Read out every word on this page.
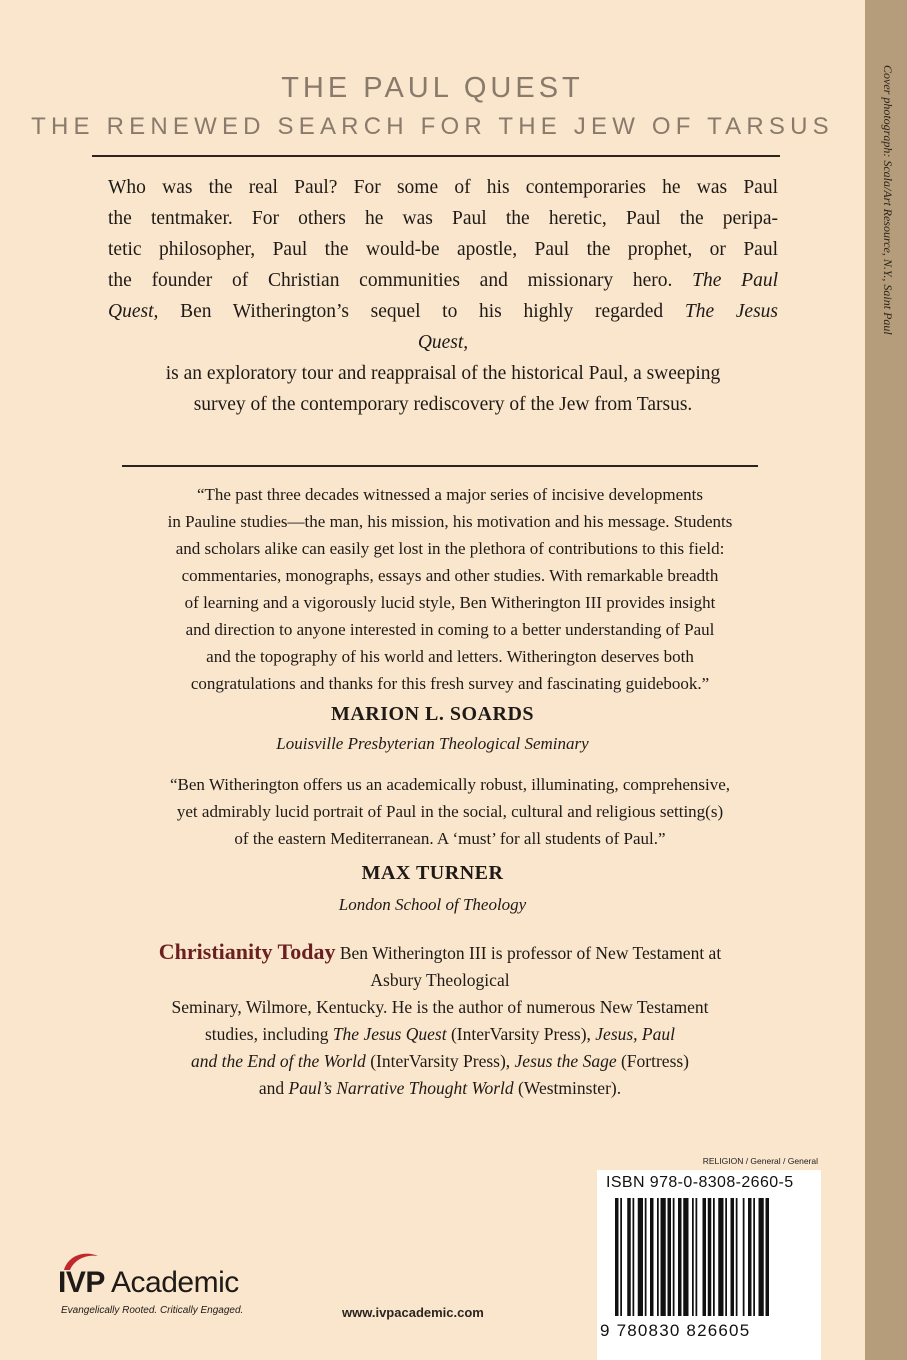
Cover photograph: Scala/Art Resource, N.Y., Saint Paul
THE PAUL QUEST
THE RENEWED SEARCH FOR THE JEW OF TARSUS
Who was the real Paul? For some of his contemporaries he was Paul
the tentmaker. For others he was Paul the heretic, Paul the peripa-
tetic philosopher, Paul the would-be apostle, Paul the prophet, or Paul
the founder of Christian communities and missionary hero. The Paul
Quest, Ben Witherington’s sequel to his highly regarded The Jesus
Quest,
is an exploratory tour and reappraisal of the historical Paul, a sweeping
survey of the contemporary rediscovery of the Jew from Tarsus.
“The past three decades witnessed a major series of incisive developments
in Pauline studies—the man, his mission, his motivation and his message. Students
and scholars alike can easily get lost in the plethora of contributions to this field:
commentaries, monographs, essays and other studies. With remarkable breadth
of learning and a vigorously lucid style, Ben Witherington III provides insight
and direction to anyone interested in coming to a better understanding of Paul
and the topography of his world and letters. Witherington deserves both
congratulations and thanks for this fresh survey and fascinating guidebook.”
MARION L. SOARDS
Louisville Presbyterian Theological Seminary
“Ben Witherington offers us an academically robust, illuminating, comprehensive,
yet admirably lucid portrait of Paul in the social, cultural and religious setting(s)
of the eastern Mediterranean. A ‘must’ for all students of Paul.”
MAX TURNER
London School of Theology
Christianity Today Ben Witherington III is professor of New Testament at
Asbury Theological
Seminary, Wilmore, Kentucky. He is the author of numerous New Testament
studies, including The Jesus Quest (InterVarsity Press), Jesus, Paul
and the End of the World (InterVarsity Press), Jesus the Sage (Fortress)
and Paul’s Narrative Thought World (Westminster).
RELIGION / General / General
ISBN 978-0-8308-2660-5
9 780830 826605
IVP Academic
Evangelically Rooted. Critically Engaged.	www.ivpacademic.com
